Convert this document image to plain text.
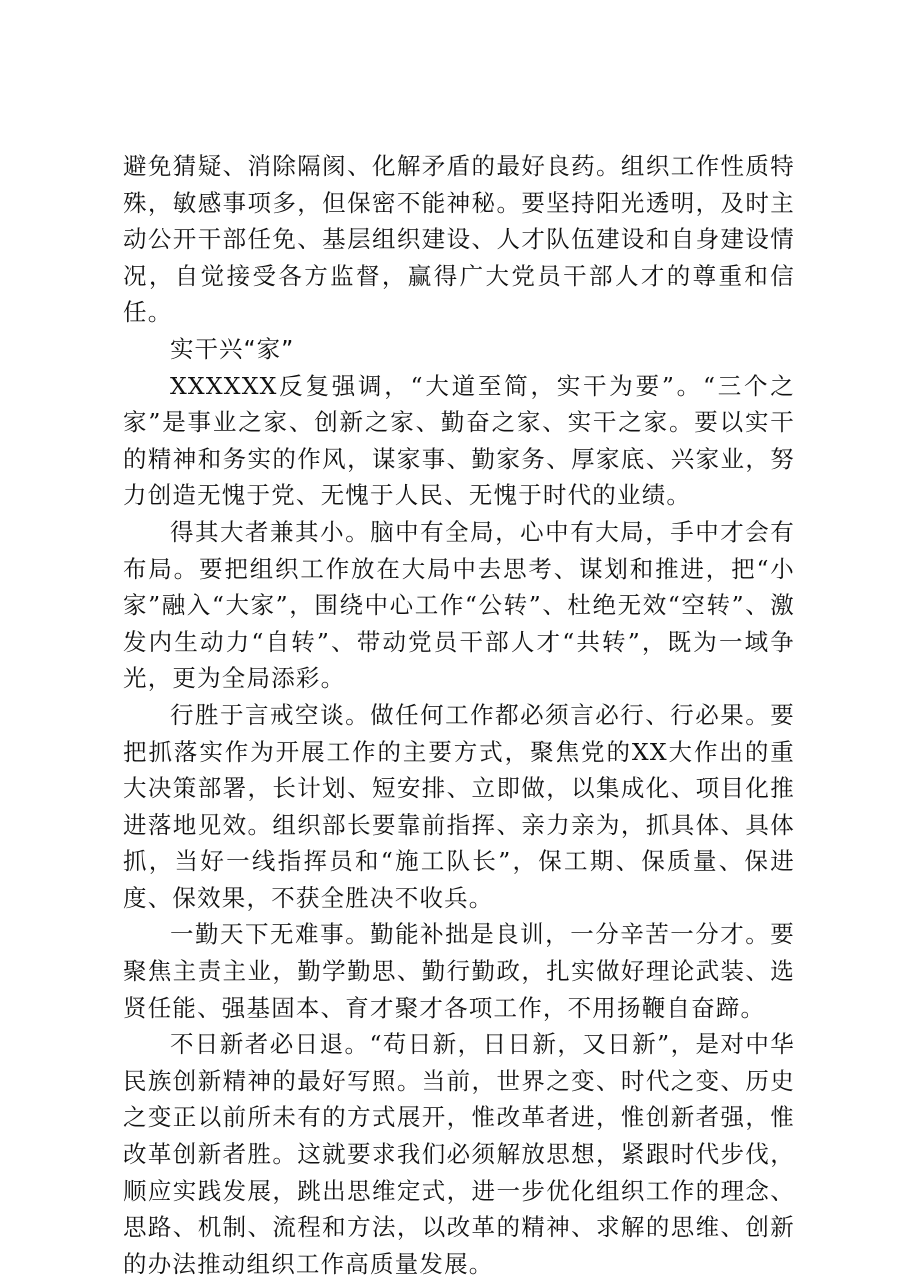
避免猜疑、消除隔阂、化解矛盾的最好良药。组织工作性质特殊，敏感事项多，但保密不能神秘。要坚持阳光透明，及时主动公开干部任免、基层组织建设、人才队伍建设和自身建设情况，自觉接受各方监督，赢得广大党员干部人才的尊重和信任。

实干兴“家”

XXXXXX反复强调，“大道至简，实干为要”。“三个之家”是事业之家、创新之家、勤奋之家、实干之家。要以实干的精神和务实的作风，谋家事、勤家务、厚家底、兴家业，努力创造无愧于党、无愧于人民、无愧于时代的业绩。

得其大者兼其小。脑中有全局，心中有大局，手中才会有布局。要把组织工作放在大局中去思考、谋划和推进，把“小家”融入“大家”，围绕中心工作“公转”、杜绝无效“空转”、激发内生动力“自转”、带动党员干部人才“共转”，既为一域争光，更为全局添彩。

行胜于言戒空谈。做任何工作都必须言必行、行必果。要把抓落实作为开展工作的主要方式，聚焦党的XX大作出的重大决策部署，长计划、短安排、立即做，以集成化、项目化推进落地见效。组织部长要靠前指挥、亲力亲为，抓具体、具体抓，当好一线指挥员和“施工队长”，保工期、保质量、保进度、保效果，不获全胜决不收兵。

一勤天下无难事。勤能补拙是良训，一分辛苦一分才。要聚焦主责主业，勤学勤思、勤行勤政，扎实做好理论武装、选贤任能、强基固本、育才聚才各项工作，不用扬鞭自奋蹄。

不日新者必日退。“苟日新，日日新，又日新”，是对中华民族创新精神的最好写照。当前，世界之变、时代之变、历史之变正以前所未有的方式展开，惟改革者进，惟创新者强，惟改革创新者胜。这就要求我们必须解放思想，紧跟时代步伐，顺应实践发展，跳出思维定式，进一步优化组织工作的理念、思路、机制、流程和方法，以改革的精神、求解的思维、创新的办法推动组织工作高质量发展。
